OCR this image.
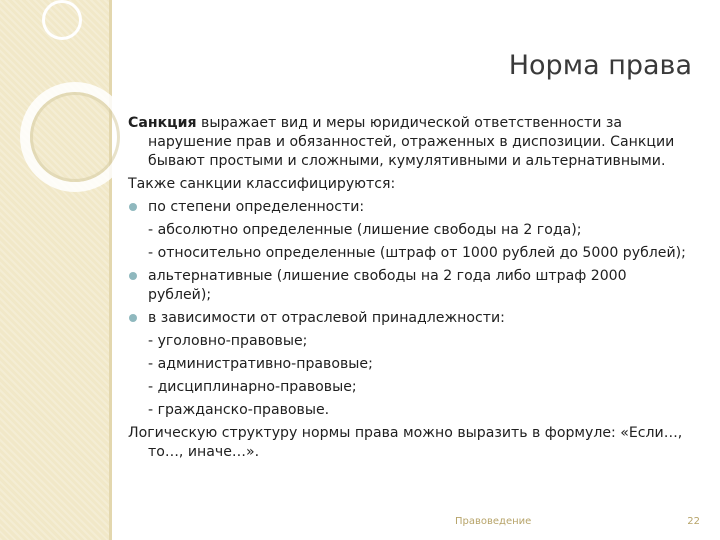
Норма права

Санкция выражает вид и меры юридической ответственности за нарушение прав и обязанностей, отраженных в диспозиции. Санкции бывают простыми и сложными, кумулятивными и альтернативными.

Также санкции классифицируются:

по степени определенности:

- абсолютно определенные (лишение свободы на 2 года);

- относительно определенные (штраф от 1000 рублей до 5000 рублей);

альтернативные (лишение свободы на 2 года либо штраф 2000 рублей);
в зависимости от отраслевой принадлежности:

- уголовно-правовые;

- административно-правовые;

- дисциплинарно-правовые;

- гражданско-правовые.

Логическую структуру нормы права можно выразить в формуле: «Если…, то…, иначе…».

Правоведение	22
